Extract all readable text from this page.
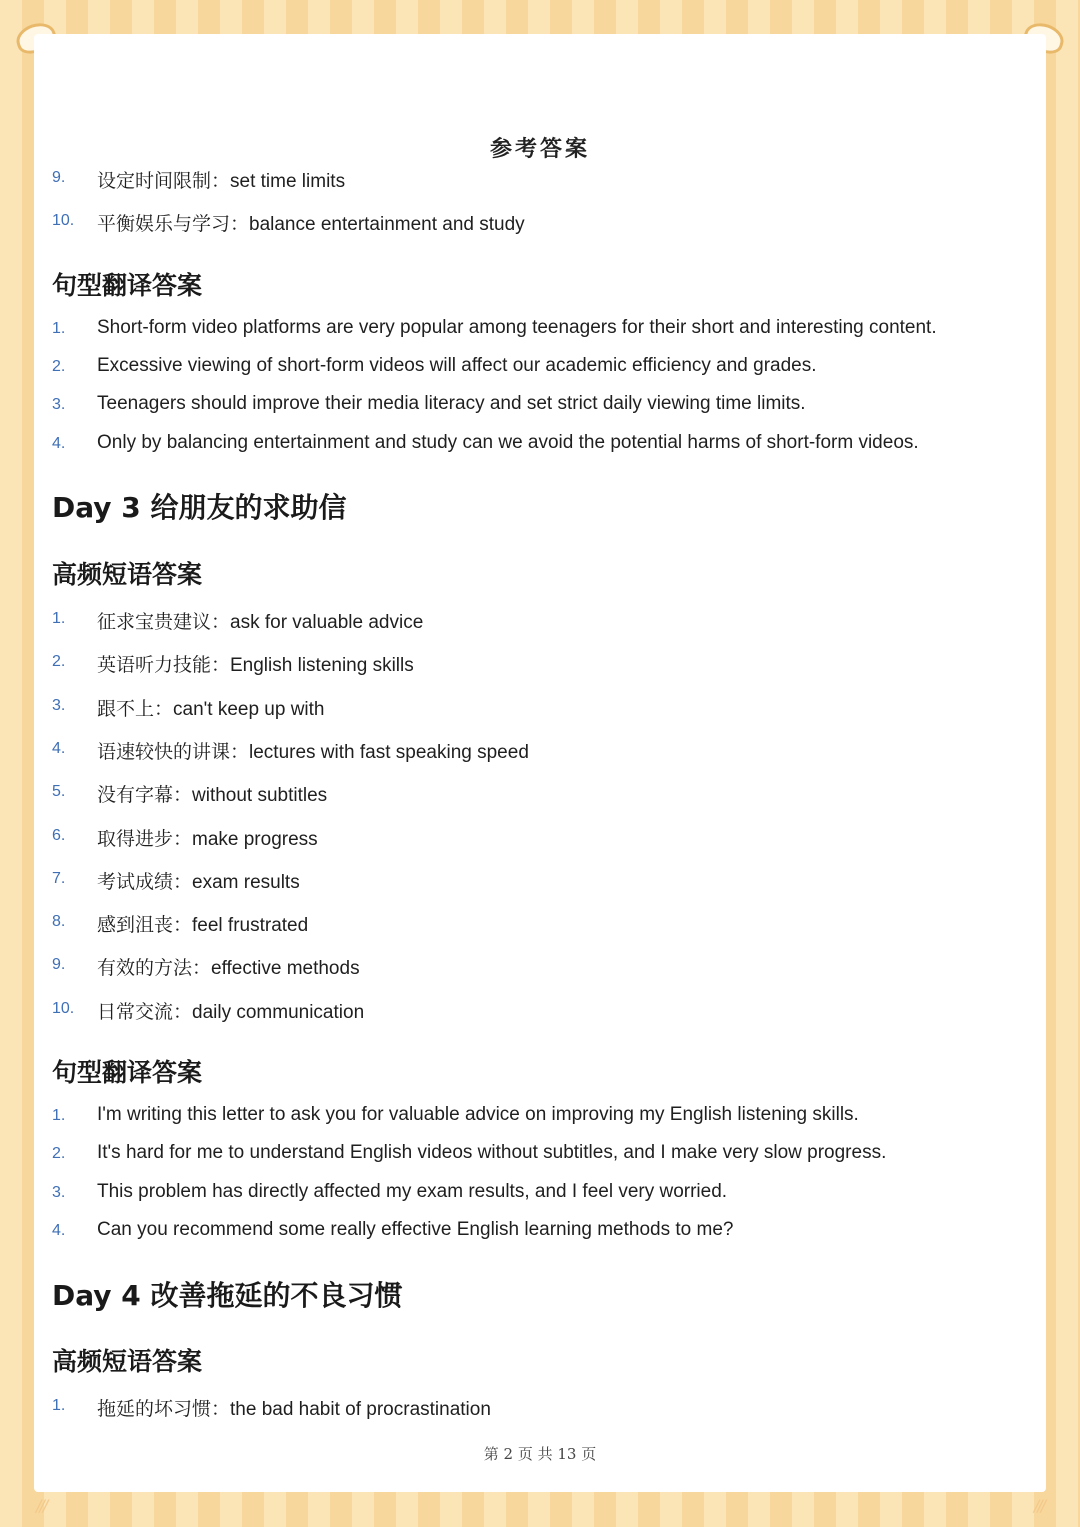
///	///
参考答案
9. 设定时间限制：set time limits
10. 平衡娱乐与学习：balance entertainment and study
句型翻译答案
1. Short-form video platforms are very popular among teenagers for their short and interesting content.
2. Excessive viewing of short-form videos will affect our academic efficiency and grades.
3. Teenagers should improve their media literacy and set strict daily viewing time limits.
4. Only by balancing entertainment and study can we avoid the potential harms of short-form videos.
Day 3 给朋友的求助信
高频短语答案
1. 征求宝贵建议：ask for valuable advice
2. 英语听力技能：English listening skills
3. 跟不上：can't keep up with
4. 语速较快的讲课：lectures with fast speaking speed
5. 没有字幕：without subtitles
6. 取得进步：make progress
7. 考试成绩：exam results
8. 感到沮丧：feel frustrated
9. 有效的方法：effective methods
10. 日常交流：daily communication
句型翻译答案
1. I'm writing this letter to ask you for valuable advice on improving my English listening skills.
2. It's hard for me to understand English videos without subtitles, and I make very slow progress.
3. This problem has directly affected my exam results, and I feel very worried.
4. Can you recommend some really effective English learning methods to me?
Day 4 改善拖延的不良习惯
高频短语答案
1. 拖延的坏习惯：the bad habit of procrastination
第 2 页 共 13 页
